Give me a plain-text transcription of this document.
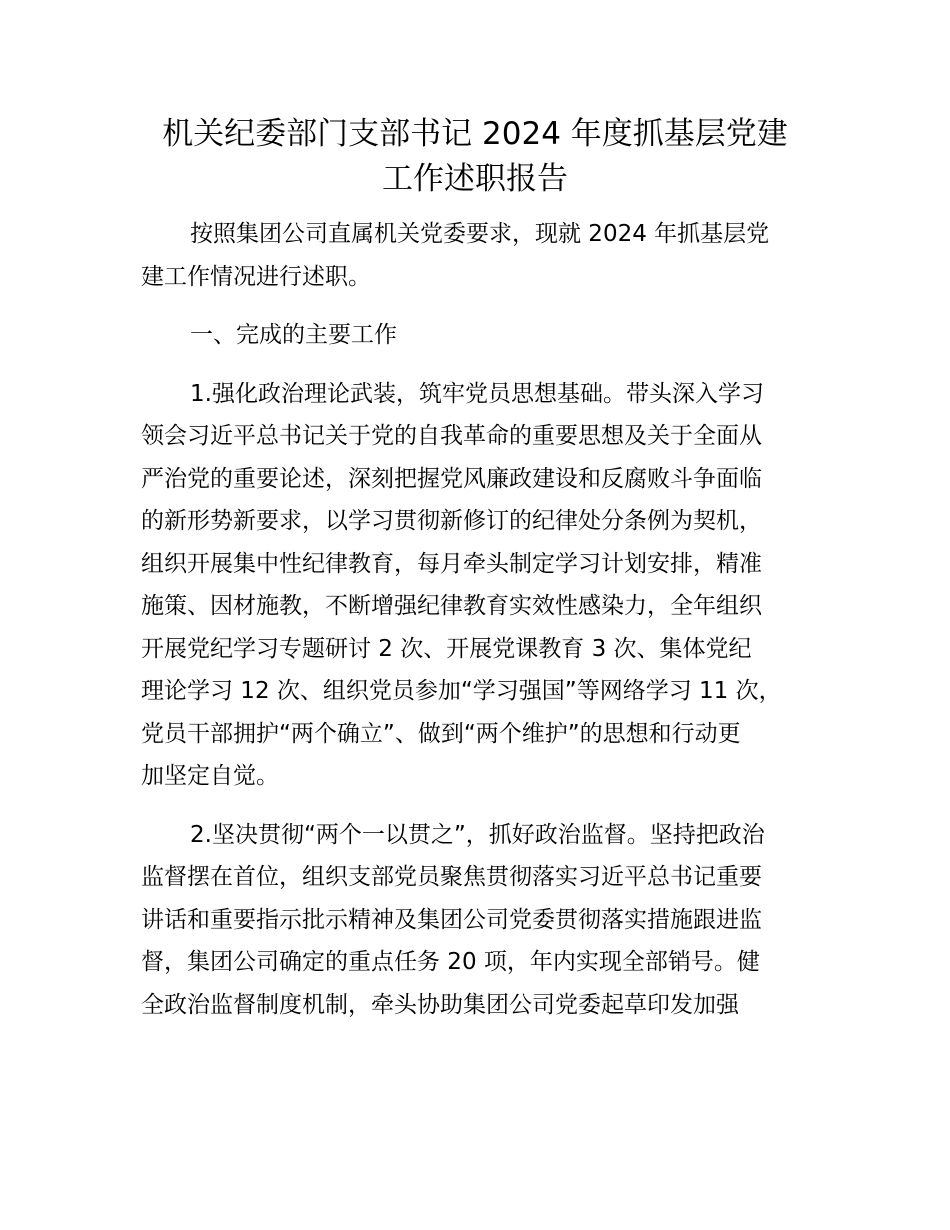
机关纪委部门支部书记 2024 年度抓基层党建
工作述职报告
按照集团公司直属机关党委要求，现就 2024 年抓基层党
建工作情况进行述职。
一、完成的主要工作
1.强化政治理论武装，筑牢党员思想基础。带头深入学习
领会习近平总书记关于党的自我革命的重要思想及关于全面从
严治党的重要论述，深刻把握党风廉政建设和反腐败斗争面临
的新形势新要求，以学习贯彻新修订的纪律处分条例为契机，
组织开展集中性纪律教育，每月牵头制定学习计划安排，精准
施策、因材施教，不断增强纪律教育实效性感染力，全年组织
开展党纪学习专题研讨 2 次、开展党课教育 3 次、集体党纪
理论学习 12 次、组织党员参加“学习强国”等网络学习 11 次，
党员干部拥护“两个确立”、做到“两个维护”的思想和行动更
加坚定自觉。
2.坚决贯彻“两个一以贯之”，抓好政治监督。坚持把政治
监督摆在首位，组织支部党员聚焦贯彻落实习近平总书记重要
讲话和重要指示批示精神及集团公司党委贯彻落实措施跟进监
督，集团公司确定的重点任务 20 项，年内实现全部销号。健
全政治监督制度机制，牵头协助集团公司党委起草印发加强
